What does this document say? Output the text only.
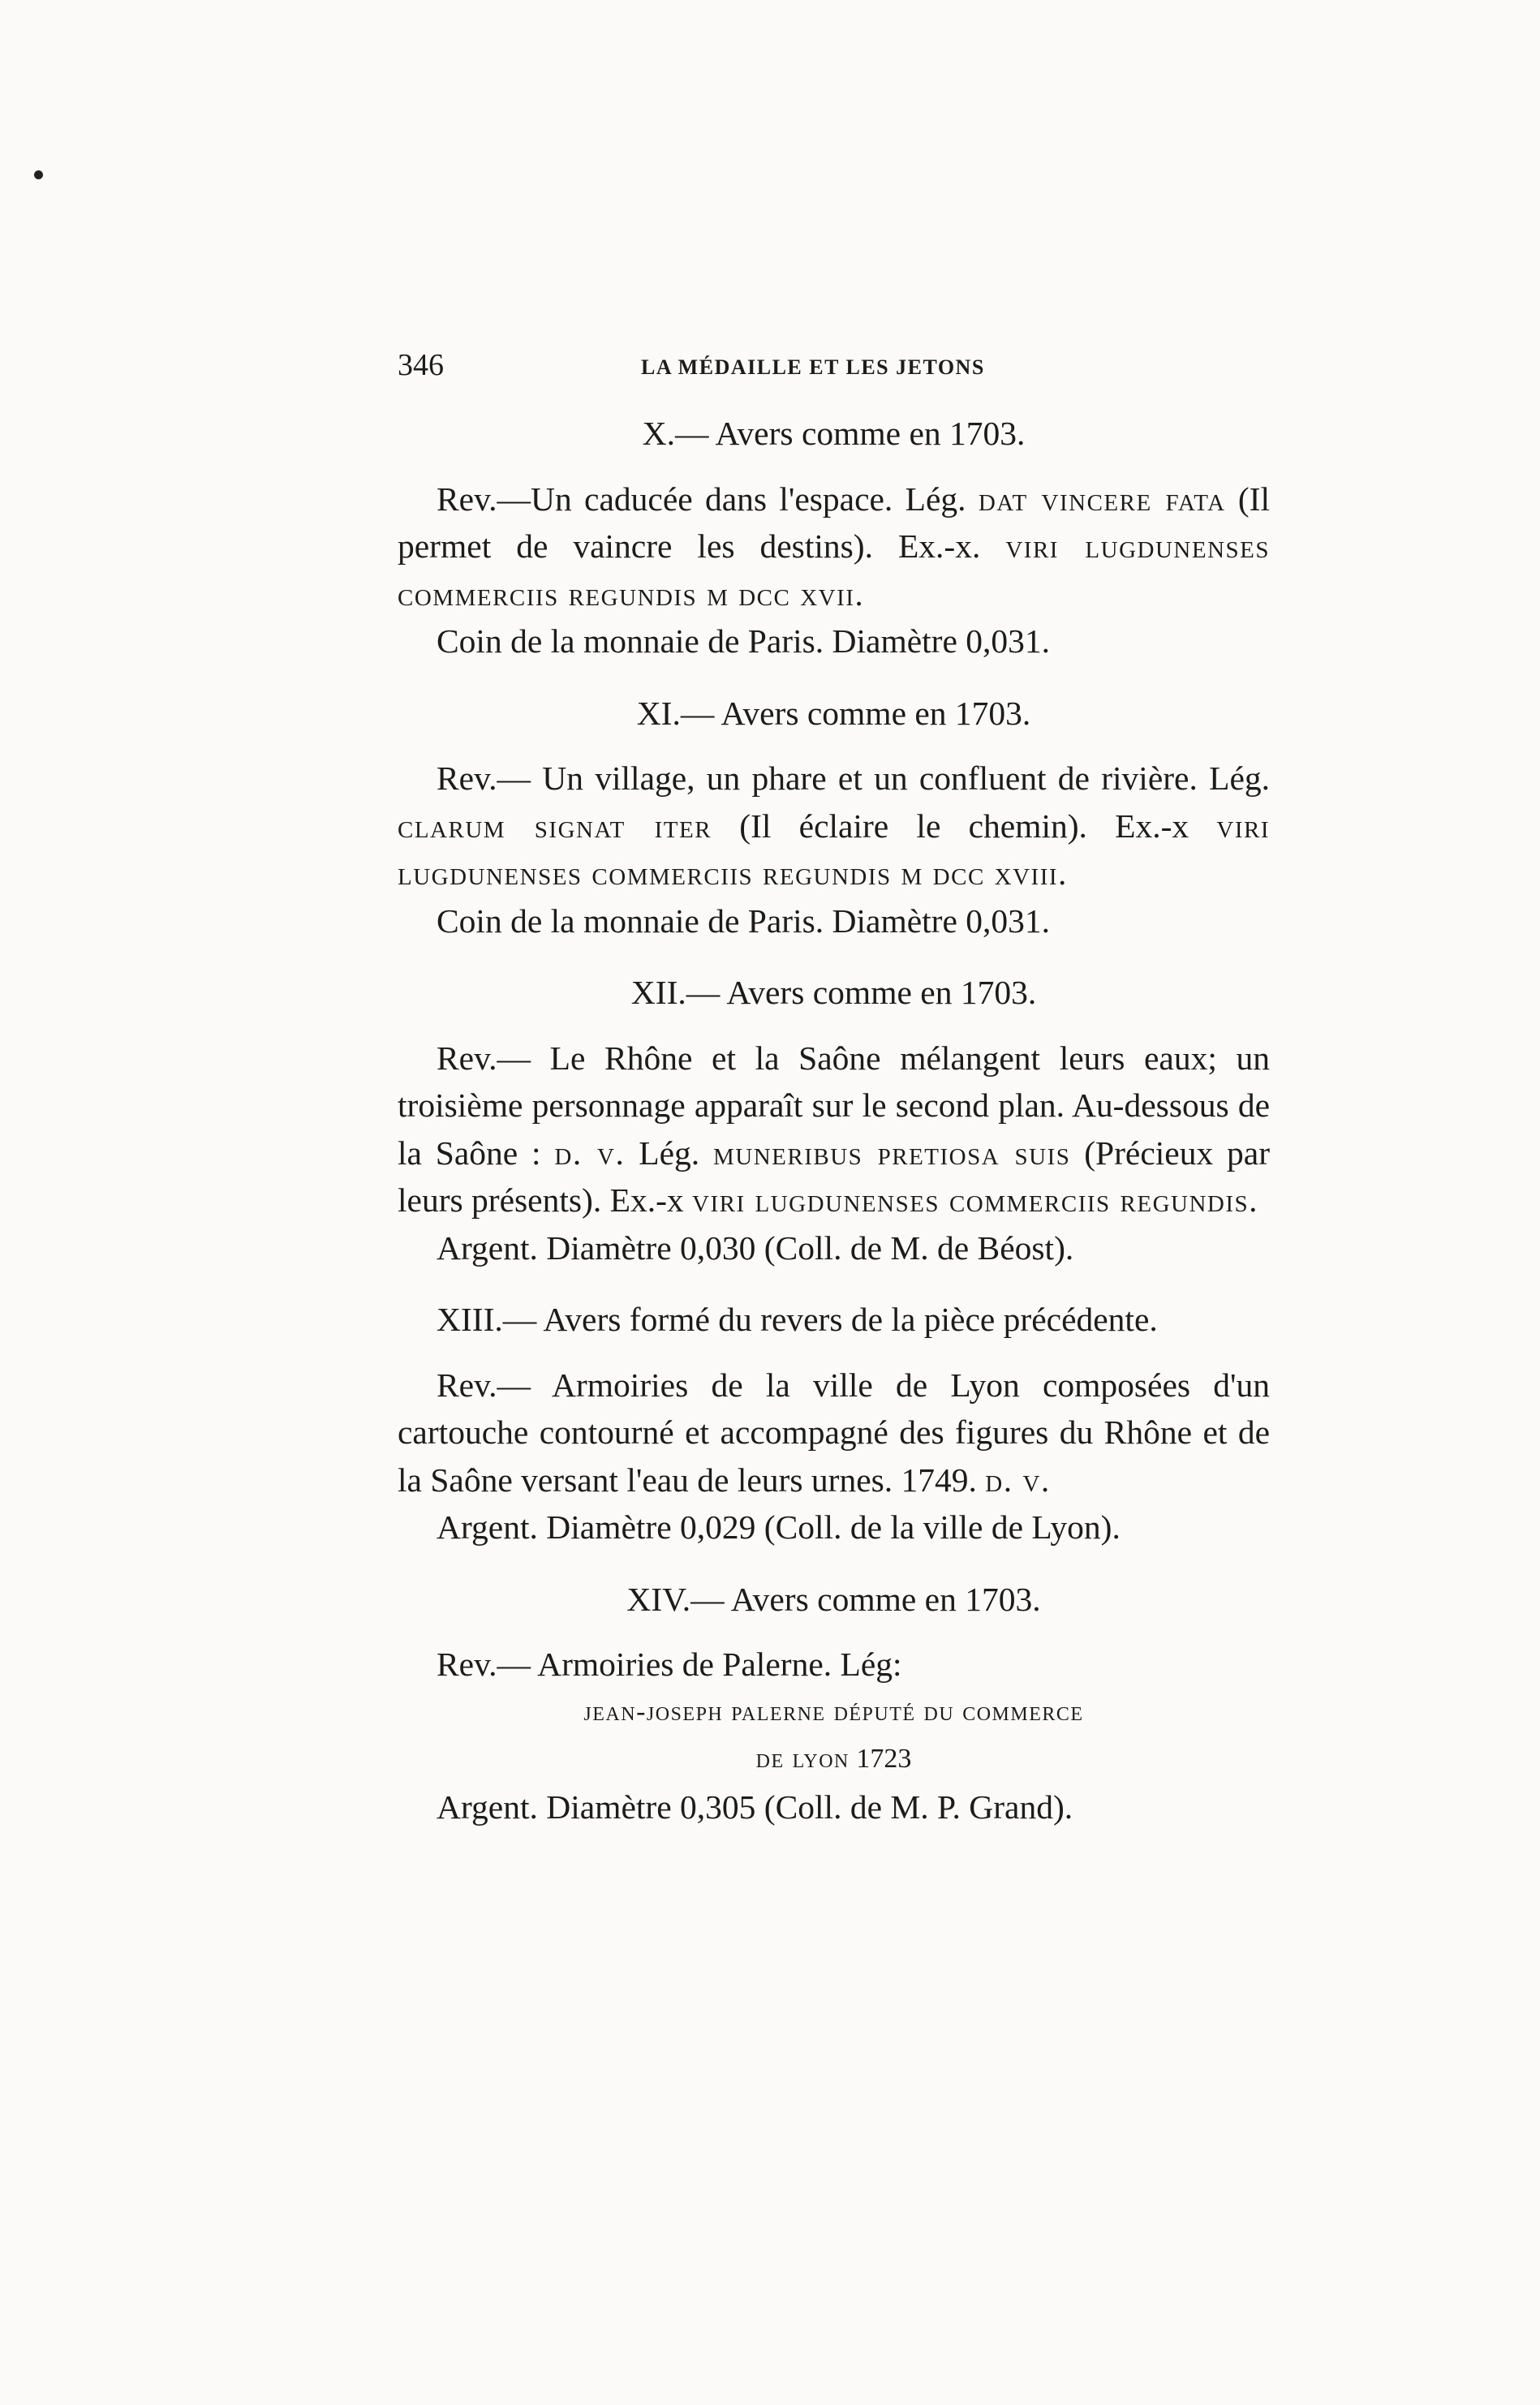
346	LA MÉDAILLE ET LES JETONS

X.— Avers comme en 1703.

Rev.—Un caducée dans l'espace. Lég. dat vincere fata (Il permet de vaincre les destins). Ex.-x. viri lugdunenses commerciis regundis m dcc xvii.

Coin de la monnaie de Paris. Diamètre 0,031.

XI.— Avers comme en 1703.

Rev.— Un village, un phare et un confluent de rivière. Lég. clarum signat iter (Il éclaire le chemin). Ex.-x viri lugdunenses commerciis regundis m dcc xviii.

Coin de la monnaie de Paris. Diamètre 0,031.

XII.— Avers comme en 1703.

Rev.— Le Rhône et la Saône mélangent leurs eaux; un troisième personnage apparaît sur le second plan. Au-dessous de la Saône : d. v. Lég. muneribus pretiosa suis (Précieux par leurs présents). Ex.-x viri lugdunenses commerciis regundis.

Argent. Diamètre 0,030 (Coll. de M. de Béost).

XIII.— Avers formé du revers de la pièce précédente.

Rev.— Armoiries de la ville de Lyon composées d'un cartouche contourné et accompagné des figures du Rhône et de la Saône versant l'eau de leurs urnes. 1749. d. v.

Argent. Diamètre 0,029 (Coll. de la ville de Lyon).

XIV.— Avers comme en 1703.

Rev.— Armoiries de Palerne. Lég:

jean-joseph palerne député du commerce

de lyon 1723

Argent. Diamètre 0,305 (Coll. de M. P. Grand).
